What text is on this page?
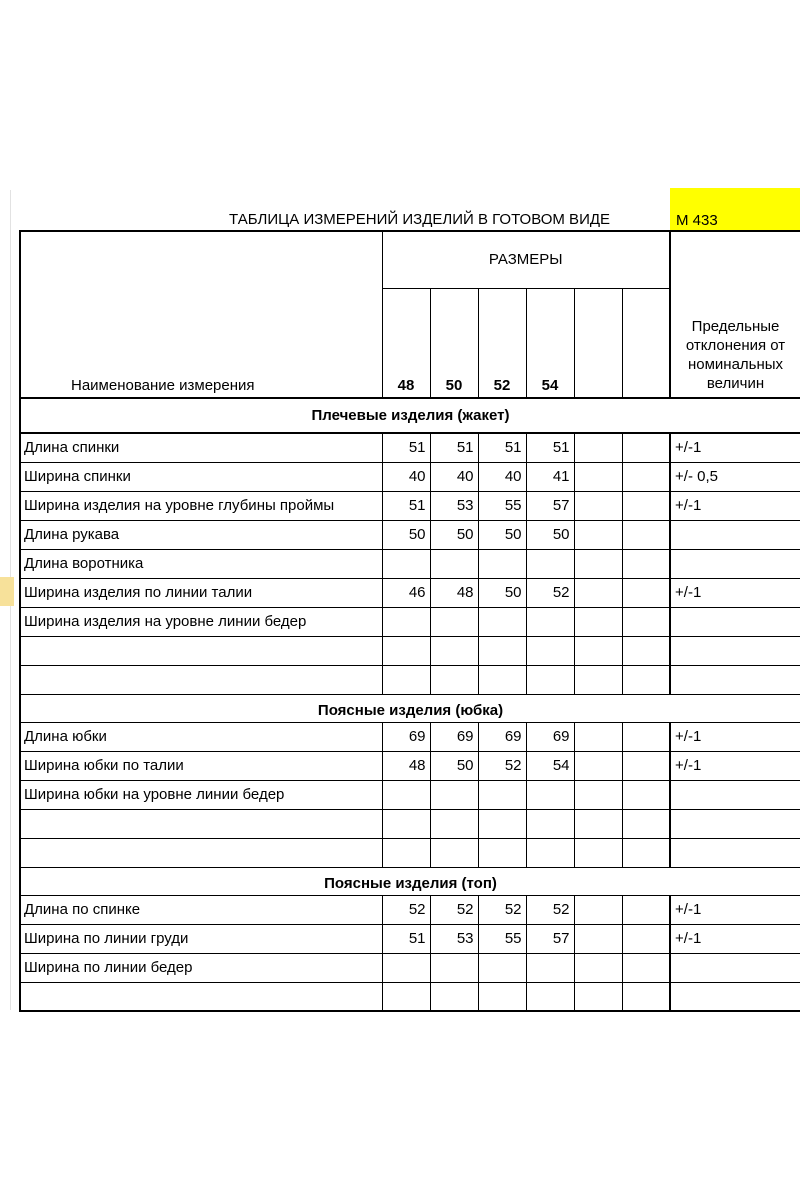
ТАБЛИЦА ИЗМЕРЕНИЙ ИЗДЕЛИЙ В ГОТОВОМ ВИДЕ							М 433
Наименование измерения	РАЗМЕРЫ						Предельные отклонения от номинальных величин
	48	50	52	54			
Плечевые изделия (жакет)							
Длина спинки	51	51	51	51			+/-1
Ширина спинки	40	40	40	41			+/- 0,5
Ширина изделия на уровне глубины проймы	51	53	55	57			+/-1
Длина рукава	50	50	50	50			
Длина воротника							
Ширина изделия по линии талии	46	48	50	52			+/-1
Ширина изделия на уровне линии бедер							

Поясные изделия (юбка)							
Длина юбки	69	69	69	69			+/-1
Ширина юбки по талии	48	50	52	54			+/-1
Ширина юбки на уровне линии бедер							

Поясные изделия (топ)							
Длина по спинке	52	52	52	52			+/-1
Ширина по линии груди	51	53	55	57			+/-1
Ширина по линии бедер							
